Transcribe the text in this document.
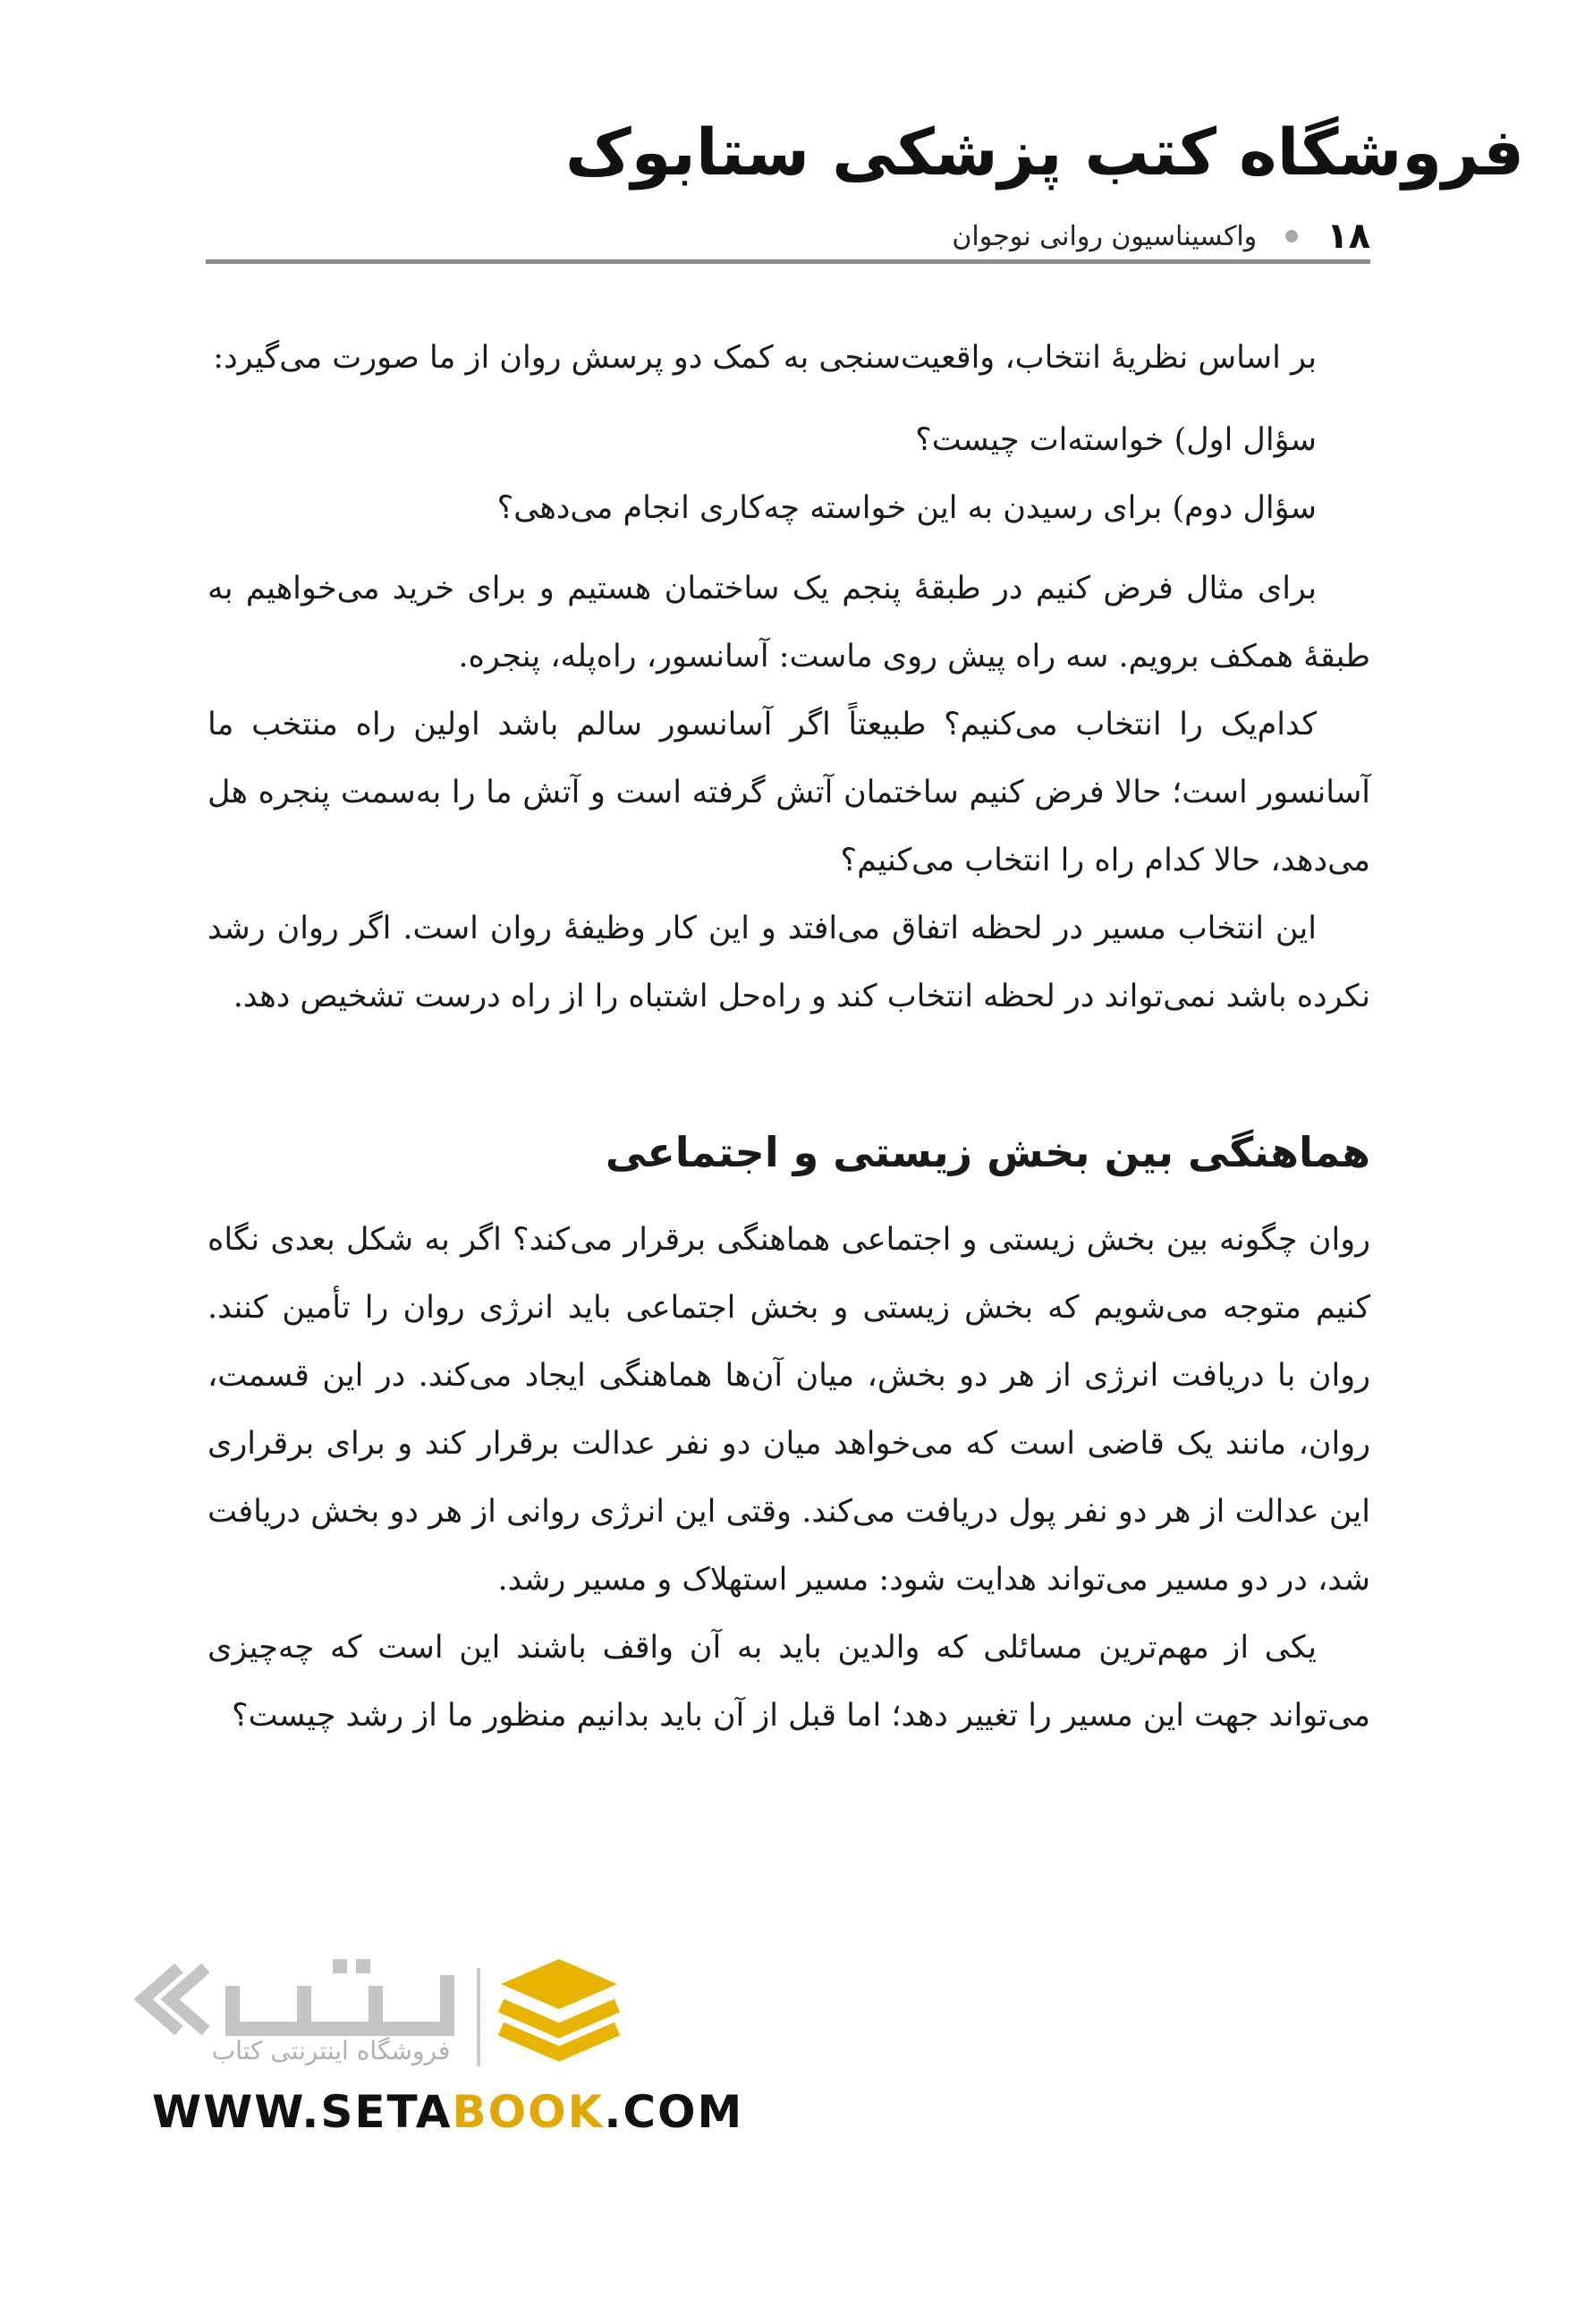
فروشگاه کتب پزشکی ستابوک
۱۸
واکسیناسیون روانی نوجوان

بر اساس نظریهٔ انتخاب، واقعیت‌سنجی به کمک دو پرسش روان از ما صورت می‌گیرد:

سؤال اول) خواسته‌ات چیست؟
سؤال دوم) برای رسیدن به این خواسته چه‌کاری انجام می‌دهی؟

برای مثال فرض کنیم در طبقهٔ پنجم یک ساختمان هستیم و برای خرید می‌خواهیم به طبقهٔ همکف برویم. سه راه پیش روی ماست: آسانسور، راه‌پله، پنجره.

کدام‌یک را انتخاب می‌کنیم؟ طبیعتاً اگر آسانسور سالم باشد اولین راه منتخب ما آسانسور است؛ حالا فرض کنیم ساختمان آتش گرفته است و آتش ما را به‌سمت پنجره هل می‌دهد، حالا کدام راه را انتخاب می‌کنیم؟

این انتخاب مسیر در لحظه اتفاق می‌افتد و این کار وظیفهٔ روان است. اگر روان رشد نکرده باشد نمی‌تواند در لحظه انتخاب کند و راه‌حل اشتباه را از راه درست تشخیص دهد.

هماهنگی بین بخش زیستی و اجتماعی

روان چگونه بین بخش زیستی و اجتماعی هماهنگی برقرار می‌کند؟ اگر به شکل بعدی نگاه کنیم متوجه می‌شویم که بخش زیستی و بخش اجتماعی باید انرژی روان را تأمین کنند. روان با دریافت انرژی از هر دو بخش، میان آن‌ها هماهنگی ایجاد می‌کند. در این قسمت، روان، مانند یک قاضی است که می‌خواهد میان دو نفر عدالت برقرار کند و برای برقراری این عدالت از هر دو نفر پول دریافت می‌کند. وقتی این انرژی روانی از هر دو بخش دریافت شد، در دو مسیر می‌تواند هدایت شود: مسیر استهلاک و مسیر رشد.

یکی از مهم‌ترین مسائلی که والدین باید به آن واقف باشند این است که چه‌چیزی می‌تواند جهت این مسیر را تغییر دهد؛ اما قبل از آن باید بدانیم منظور ما از رشد چیست؟

فروشگاه اینترنتی کتاب
WWW.SETABOOK.COM
